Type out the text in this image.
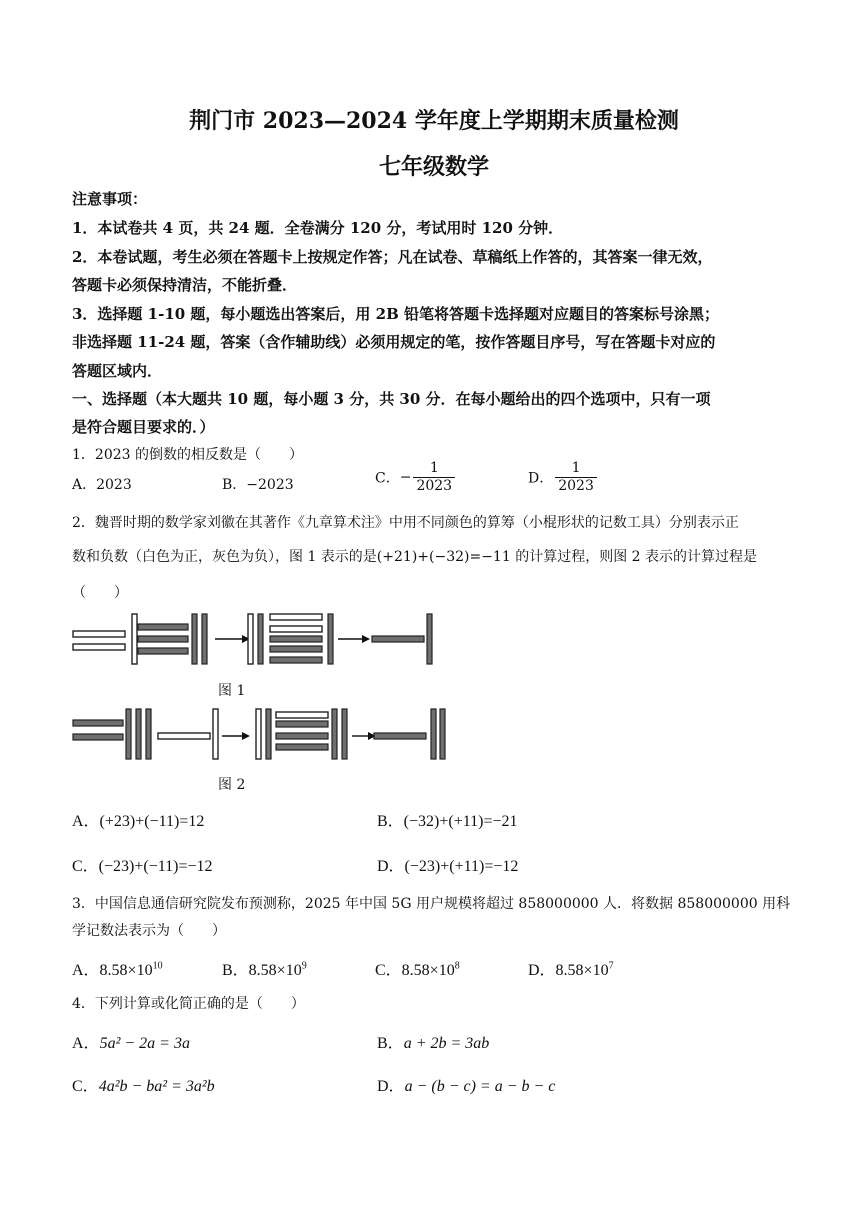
荆门市 2023—2024 学年度上学期期末质量检测
七年级数学
注意事项：
1．本试卷共 4 页，共 24 题．全卷满分 120 分，考试用时 120 分钟．
2．本卷试题，考生必须在答题卡上按规定作答；凡在试卷、草稿纸上作答的，其答案一律无效，
答题卡必须保持清洁，不能折叠．
3．选择题 1-10 题，每小题选出答案后，用 2B 铅笔将答题卡选择题对应题目的答案标号涂黑；
非选择题 11-24 题，答案（含作辅助线）必须用规定的笔，按作答题目序号，写在答题卡对应的
答题区域内．
一、选择题（本大题共 10 题，每小题 3 分，共 30 分．在每小题给出的四个选项中，只有一项
是符合题目要求的．）
1．2023 的倒数的相反数是（　　）
A．2023	B．−2023	C．− $\frac{1}{2023}$	D． $\frac{1}{2023}$
2．魏晋时期的数学家刘徽在其著作《九章算术注》中用不同颜色的算筹（小棍形状的记数工具）分别表示正
数和负数（白色为正，灰色为负），图 1 表示的是(+21)+(−32)=−11 的计算过程，则图 2 表示的计算过程是
（　　）
图 1
图 2
A．(+23)+(−11)=12	B．(−32)+(+11)=−21
C．(−23)+(−11)=−12	D．(−23)+(+11)=−12
3．中国信息通信研究院发布预测称，2025 年中国 5G 用户规模将超过 858000000 人．将数据 858000000 用科
学记数法表示为（　　）
A．$8.58\times 10^{10}$	B．$8.58\times 10^9$	C．$8.58\times 10^8$	D．$8.58\times 10^7$
4．下列计算或化简正确的是（　　）
A．5a² − 2a = 3a	B．a + 2b = 3ab
C．4a²b − ba² = 3a²b	D．a − (b − c) = a − b − c
